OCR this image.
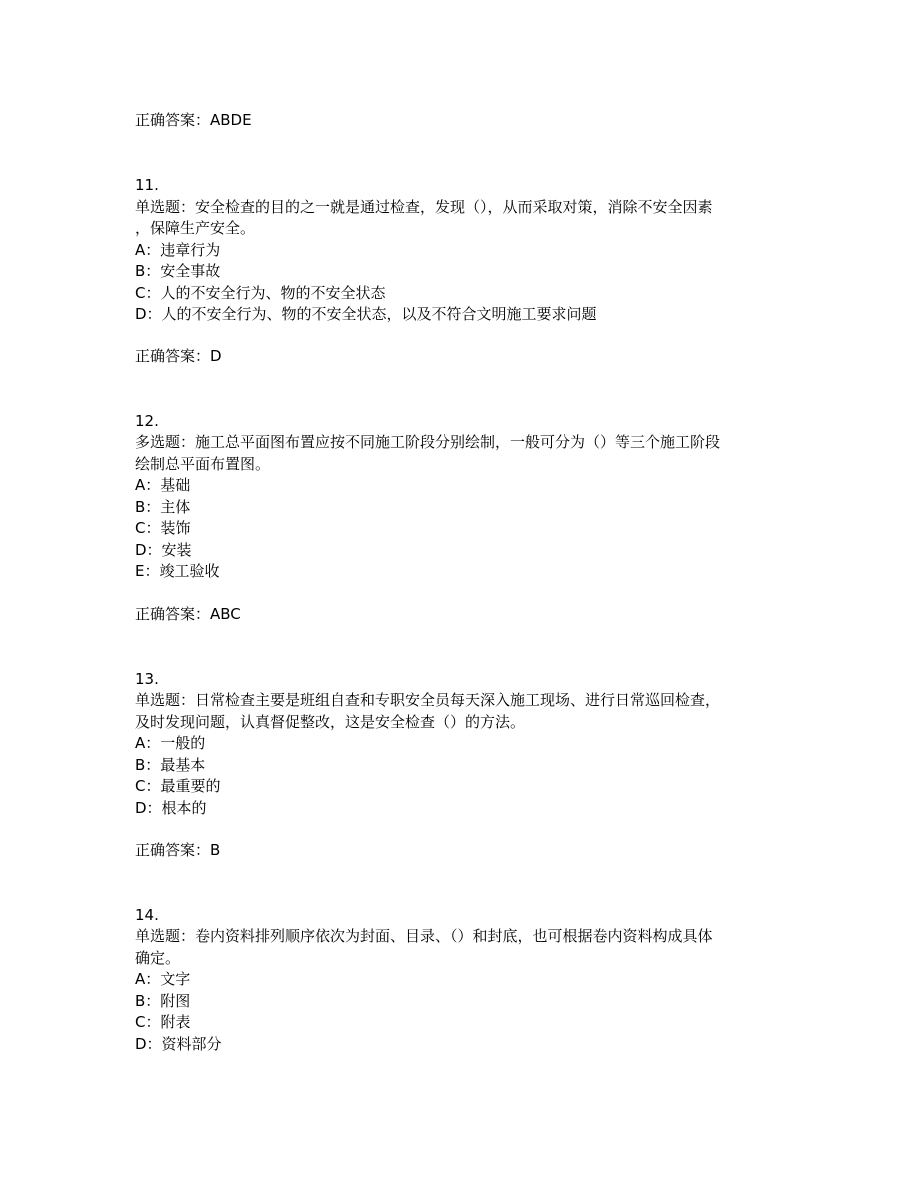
正确答案：ABDE
11.
单选题：安全检查的目的之一就是通过检查，发现（），从而采取对策，消除不安全因素
，保障生产安全。
A：违章行为
B：安全事故
C：人的不安全行为、物的不安全状态
D：人的不安全行为、物的不安全状态，以及不符合文明施工要求问题
正确答案：D
12.
多选题：施工总平面图布置应按不同施工阶段分别绘制，一般可分为（）等三个施工阶段
绘制总平面布置图。
A：基础
B：主体
C：装饰
D：安装
E：竣工验收
正确答案：ABC
13.
单选题：日常检查主要是班组自查和专职安全员每天深入施工现场、进行日常巡回检查，
及时发现问题，认真督促整改，这是安全检查（）的方法。
A：一般的
B：最基本
C：最重要的
D：根本的
正确答案：B
14.
单选题：卷内资料排列顺序依次为封面、目录、（）和封底，也可根据卷内资料构成具体
确定。
A：文字
B：附图
C：附表
D：资料部分
